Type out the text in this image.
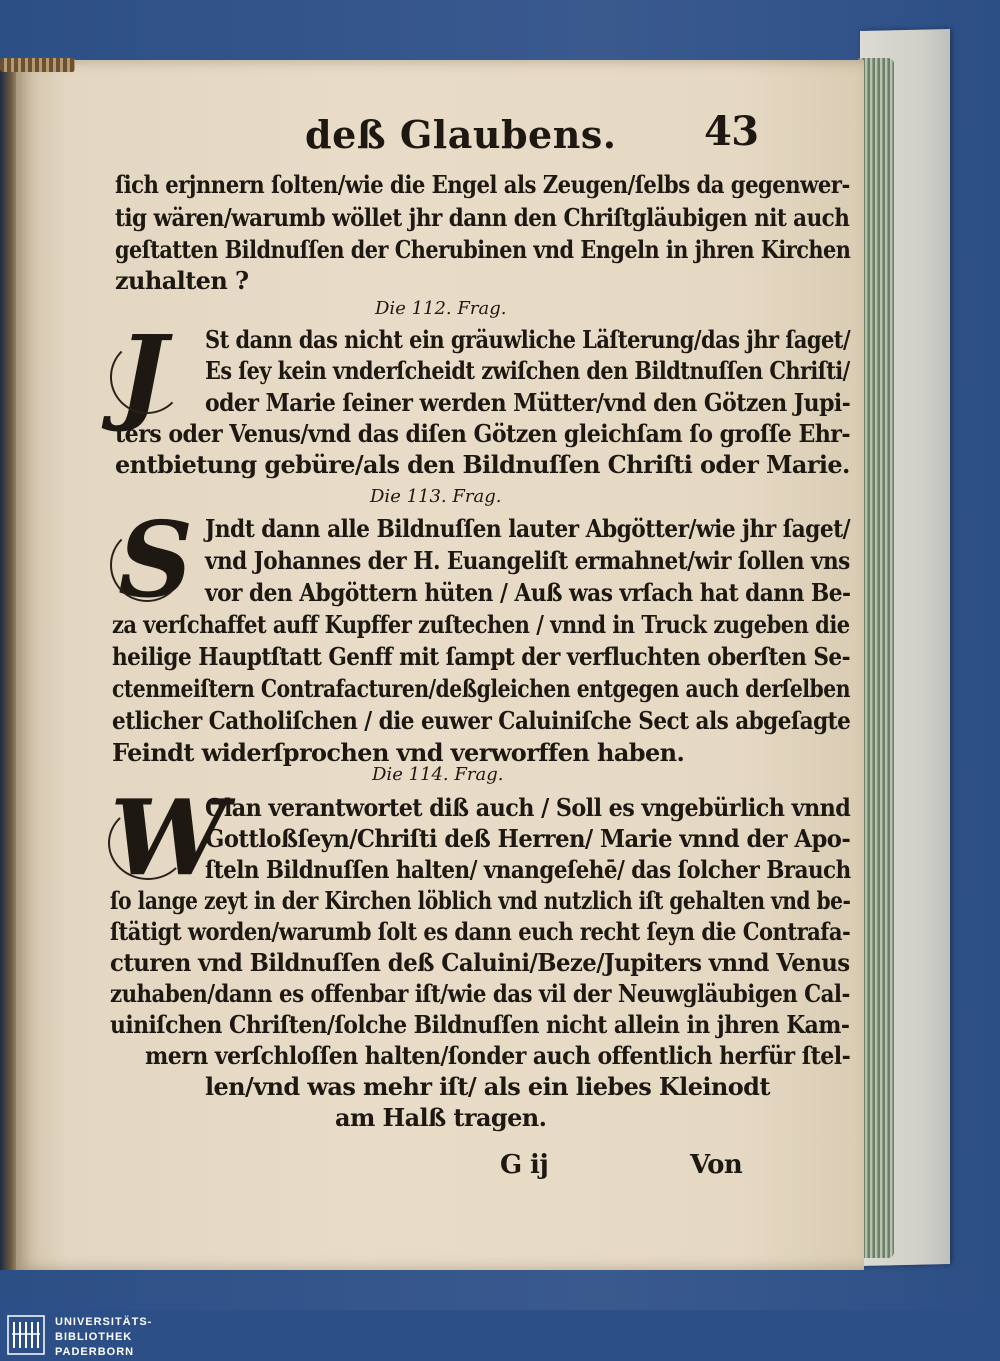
deß Glaubens. 43
ſich erjnnern ſolten/wie die Engel als Zeugen/ſelbs da gegenwer-
tig wären/warumb wöllet jhr dann den Chriſtgläubigen nit auch
geſtatten Bildnuſſen der Cherubinen vnd Engeln in jhren Kirchen
zuhalten ?
Die 112. Frag.
J St dann das nicht ein gräuwliche Läſterung/das jhr ſaget/
Es ſey kein vnderſcheidt zwiſchen den Bildtnuſſen Chriſti/
oder Marie ſeiner werden Mütter/vnd den Götzen Jupi-
ters oder Venus/vnd das diſen Götzen gleichſam ſo groſſe Ehr-
entbietung gebüre/als den Bildnuſſen Chriſti oder Marie.
Die 113. Frag.
S Jndt dann alle Bildnuſſen lauter Abgötter/wie jhr ſaget/
vnd Johannes der H. Euangeliſt ermahnet/wir ſollen vns
vor den Abgöttern hüten / Auß was vrſach hat dann Be-
za verſchaffet auff Kupffer zuſtechen / vnnd in Truck zugeben die
heilige Hauptſtatt Genff mit ſampt der verfluchten oberſten Se-
ctenmeiſtern Contrafacturen/deßgleichen entgegen auch derſelben
etlicher Catholiſchen / die euwer Caluiniſche Sect als abgeſagte
Feindt widerſprochen vnd verworffen haben.
Die 114. Frag.
W
Olan verantwortet diß auch / Soll es vngebürlich vnnd
Gottloßſeyn/Chriſti deß Herren/ Marie vnnd der Apo-
ſteln Bildnuſſen halten/ vnangeſehē/ das ſolcher Brauch
ſo lange zeyt in der Kirchen löblich vnd nutzlich iſt gehalten vnd be-
ſtätigt worden/warumb ſolt es dann euch recht ſeyn die Contrafa-
cturen vnd Bildnuſſen deß Caluini/Beze/Jupiters vnnd Venus
zuhaben/dann es offenbar iſt/wie das vil der Neuwgläubigen Cal-
uiniſchen Chriſten/ſolche Bildnuſſen nicht allein in jhren Kam-
mern verſchloſſen halten/ſonder auch offentlich herfür ſtel-
len/vnd was mehr iſt/ als ein liebes Kleinodt
am Halß tragen.
G ij	Von
UNIVERSITÄTS-
BIBLIOTHEK
PADERBORN
